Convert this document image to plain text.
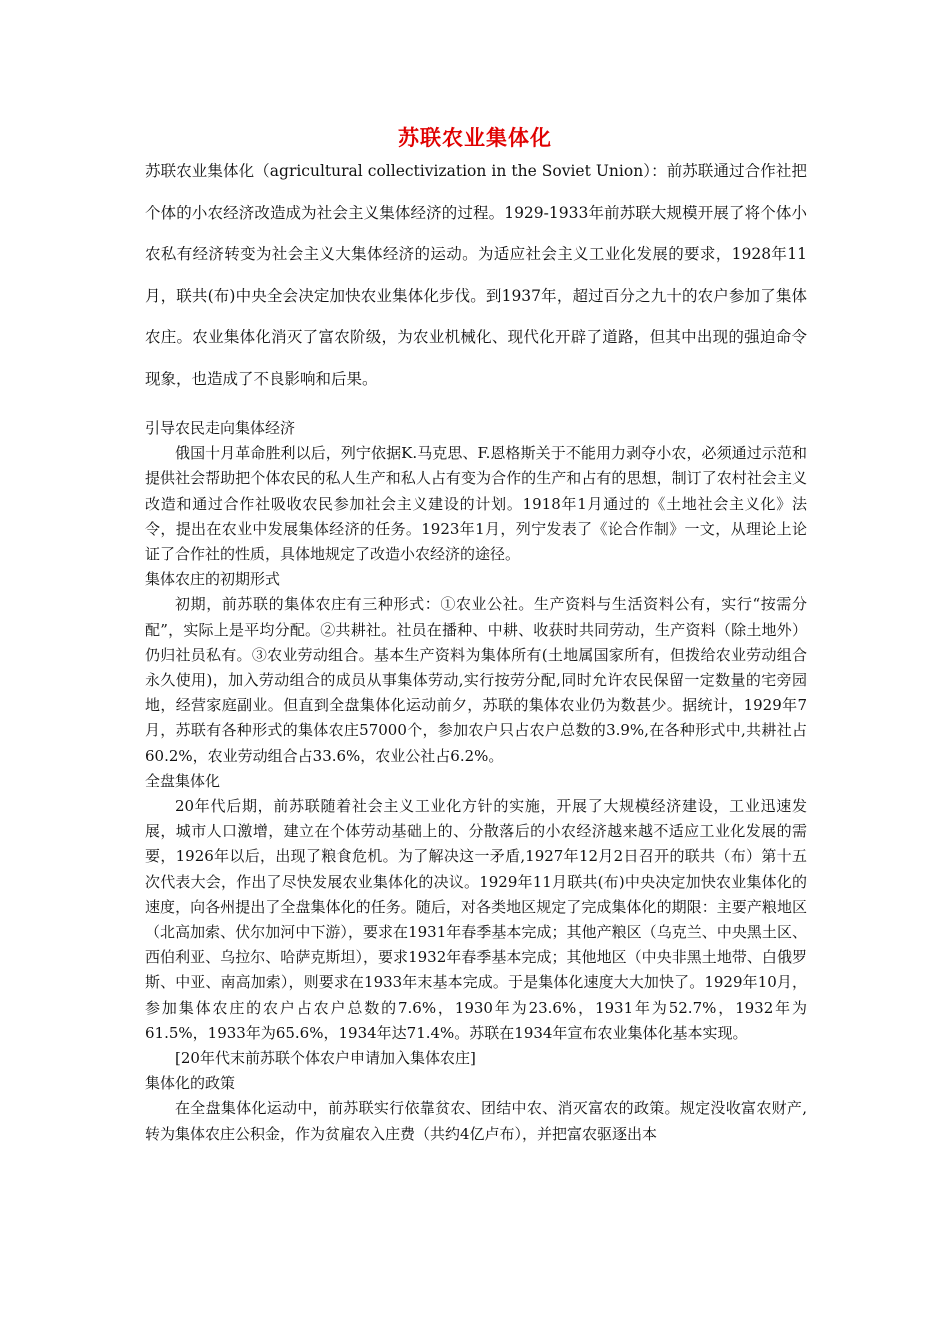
苏联农业集体化

苏联农业集体化（agricultural collectivization in the Soviet Union）：前苏联通过合作社把个体的小农经济改造成为社会主义集体经济的过程。1929-1933年前苏联大规模开展了将个体小农私有经济转变为社会主义大集体经济的运动。为适应社会主义工业化发展的要求，1928年11月，联共(布)中央全会决定加快农业集体化步伐。到1937年，超过百分之九十的农户参加了集体农庄。农业集体化消灭了富农阶级，为农业机械化、现代化开辟了道路，但其中出现的强迫命令现象，也造成了不良影响和后果。

引导农民走向集体经济

俄国十月革命胜利以后，列宁依据K.马克思、F.恩格斯关于不能用力剥夺小农，必须通过示范和提供社会帮助把个体农民的私人生产和私人占有变为合作的生产和占有的思想，制订了农村社会主义改造和通过合作社吸收农民参加社会主义建设的计划。1918年1月通过的《土地社会主义化》法令，提出在农业中发展集体经济的任务。1923年1月，列宁发表了《论合作制》一文，从理论上论证了合作社的性质，具体地规定了改造小农经济的途径。

集体农庄的初期形式

初期，前苏联的集体农庄有三种形式：①农业公社。生产资料与生活资料公有，实行“按需分配”，实际上是平均分配。②共耕社。社员在播种、中耕、收获时共同劳动，生产资料（除土地外）仍归社员私有。③农业劳动组合。基本生产资料为集体所有(土地属国家所有，但拨给农业劳动组合永久使用)，加入劳动组合的成员从事集体劳动,实行按劳分配,同时允许农民保留一定数量的宅旁园地，经营家庭副业。但直到全盘集体化运动前夕，苏联的集体农业仍为数甚少。据统计，1929年7月，苏联有各种形式的集体农庄57000个，参加农户只占农户总数的3.9%,在各种形式中,共耕社占60.2%，农业劳动组合占33.6%，农业公社占6.2%。

全盘集体化

20年代后期，前苏联随着社会主义工业化方针的实施，开展了大规模经济建设，工业迅速发展，城市人口激增，建立在个体劳动基础上的、分散落后的小农经济越来越不适应工业化发展的需要，1926年以后，出现了粮食危机。为了解决这一矛盾,1927年12月2日召开的联共（布）第十五次代表大会，作出了尽快发展农业集体化的决议。1929年11月联共(布)中央决定加快农业集体化的速度，向各州提出了全盘集体化的任务。随后，对各类地区规定了完成集体化的期限：主要产粮地区（北高加索、伏尔加河中下游），要求在1931年春季基本完成；其他产粮区（乌克兰、中央黑土区、西伯利亚、乌拉尔、哈萨克斯坦），要求1932年春季基本完成；其他地区（中央非黑土地带、白俄罗斯、中亚、南高加索），则要求在1933年末基本完成。于是集体化速度大大加快了。1929年10月，参加集体农庄的农户占农户总数的7.6%，1930年为23.6%，1931年为52.7%，1932年为61.5%，1933年为65.6%，1934年达71.4%。苏联在1934年宣布农业集体化基本实现。

[20年代末前苏联个体农户申请加入集体农庄]

集体化的政策

在全盘集体化运动中，前苏联实行依靠贫农、团结中农、消灭富农的政策。规定没收富农财产,转为集体农庄公积金，作为贫雇农入庄费（共约4亿卢布），并把富农驱逐出本
